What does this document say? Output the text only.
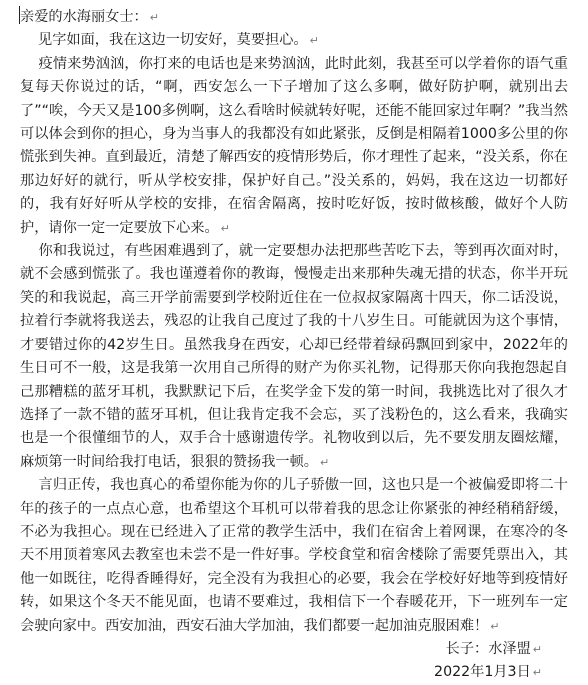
亲爱的水海丽女士： ↵

见字如面，我在这边一切安好，莫要担心。 ↵

疫情来势汹汹，你打来的电话也是来势汹汹，此时此刻，我甚至可以学着你的语气重复每天你说过的话，“啊，西安怎么一下子增加了这么多啊，做好防护啊，就别出去了”“唉，今天又是100多例啊，这么看啥时候就转好呢，还能不能回家过年啊？”我当然可以体会到你的担心，身为当事人的我都没有如此紧张，反倒是相隔着1000多公里的你慌张到失神。直到最近，清楚了解西安的疫情形势后，你才理性了起来，“没关系，你在那边好好的就行，听从学校安排，保护好自己。”没关系的，妈妈，我在这边一切都好的，我有好好听从学校的安排，在宿舍隔离，按时吃好饭，按时做核酸，做好个人防护，请你一定一定要放下心来。 ↵

你和我说过，有些困难遇到了，就一定要想办法把那些苦吃下去，等到再次面对时，就不会感到慌张了。我也谨遵着你的教诲，慢慢走出来那种失魂无措的状态，你半开玩笑的和我说起，高三开学前需要到学校附近住在一位叔叔家隔离十四天，你二话没说，拉着行李就将我送去，残忍的让我自己度过了我的十八岁生日。可能就因为这个事情，才要错过你的42岁生日。虽然我身在西安，心却已经带着绿码飘回到家中，2022年的生日可不一般，这是我第一次用自己所得的财产为你买礼物，记得那天你向我抱怨起自己那糟糕的蓝牙耳机，我默默记下后，在奖学金下发的第一时间，我挑选比对了很久才选择了一款不错的蓝牙耳机，但让我肯定我不会忘，买了浅粉色的，这么看来，我确实也是一个很懂细节的人，双手合十感谢遗传学。礼物收到以后，先不要发朋友圈炫耀，麻烦第一时间给我打电话，狠狠的赞扬我一顿。 ↵

言归正传，我也真心的希望你能为你的儿子骄傲一回，这也只是一个被偏爱即将二十年的孩子的一点点心意，也希望这个耳机可以带着我的思念让你紧张的神经稍稍舒缓，不必为我担心。现在已经进入了正常的教学生活中，我们在宿舍上着网课，在寒冷的冬天不用顶着寒风去教室也未尝不是一件好事。学校食堂和宿舍楼除了需要凭票出入，其他一如既往，吃得香睡得好，完全没有为我担心的必要，我会在学校好好地等到疫情好转，如果这个冬天不能见面，也请不要难过，我相信下一个春暖花开，下一班列车一定会驶向家中。西安加油，西安石油大学加油，我们都要一起加油克服困难！ ↵

长子：水泽盟 ↵

2022年1月3日 ↵
